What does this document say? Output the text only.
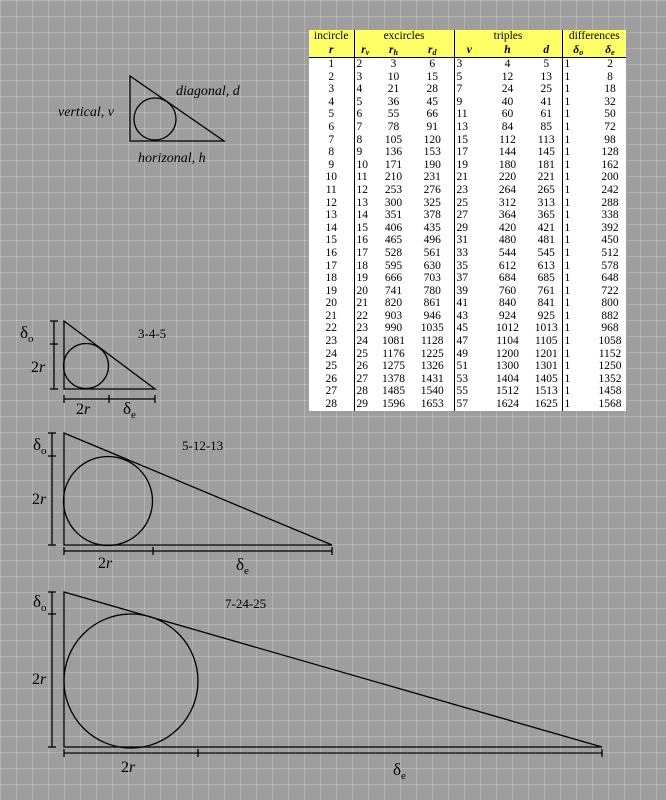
diagonal, d
vertical, v
horizonal, h
3-4-5
$\delta_o$
2r
2r $\delta_e$
5-12-13
$\delta_o$
2r
2r	$\delta_e$
7-24-25
$\delta_o$
2r
2r	$\delta_e$
incircle	excircles			triples			differences	
r	$r_v$	$r_h$	$r_d$	v	h	d	$\delta_o$	$\delta_e$
1	2	3	6	3	4	5	1	2
2	3	10	15	5	12	13	1	8
3	4	21	28	7	24	25	1	18
4	5	36	45	9	40	41	1	32
5	6	55	66	11	60	61	1	50
6	7	78	91	13	84	85	1	72
7	8	105	120	15	112	113	1	98
8	9	136	153	17	144	145	1	128
9	10	171	190	19	180	181	1	162
10	11	210	231	21	220	221	1	200
11	12	253	276	23	264	265	1	242
12	13	300	325	25	312	313	1	288
13	14	351	378	27	364	365	1	338
14	15	406	435	29	420	421	1	392
15	16	465	496	31	480	481	1	450
16	17	528	561	33	544	545	1	512
17	18	595	630	35	612	613	1	578
18	19	666	703	37	684	685	1	648
19	20	741	780	39	760	761	1	722
20	21	820	861	41	840	841	1	800
21	22	903	946	43	924	925	1	882
22	23	990	1035	45	1012	1013	1	968
23	24	1081	1128	47	1104	1105	1	1058
24	25	1176	1225	49	1200	1201	1	1152
25	26	1275	1326	51	1300	1301	1	1250
26	27	1378	1431	53	1404	1405	1	1352
27	28	1485	1540	55	1512	1513	1	1458
28	29	1596	1653	57	1624	1625	1	1568
